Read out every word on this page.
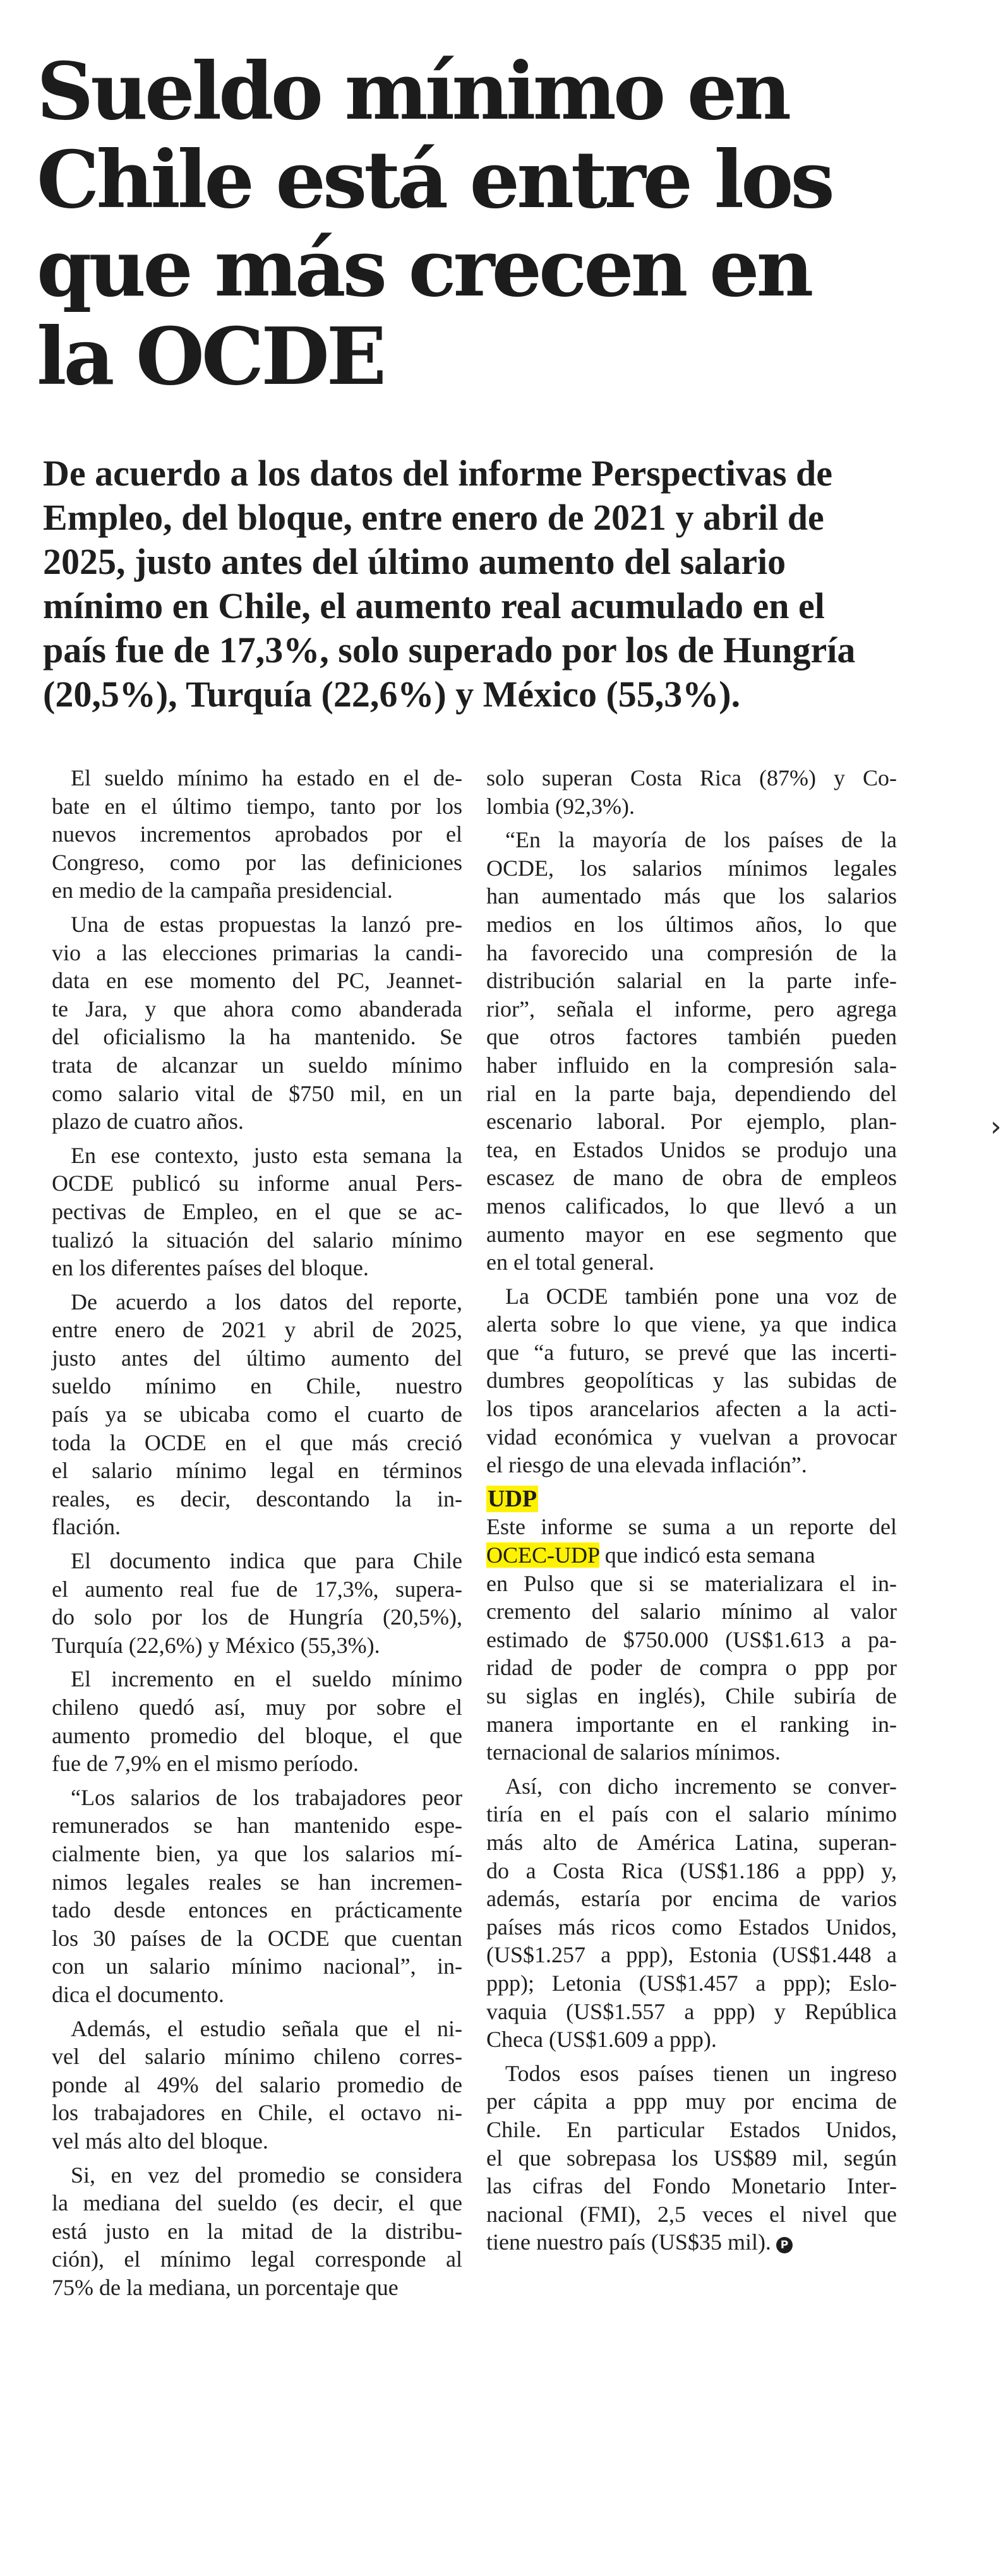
Sueldo mínimo en
Chile está entre los
que más crecen en
la OCDE

De acuerdo a los datos del informe Perspectivas de
Empleo, del bloque, entre enero de 2021 y abril de
2025, justo antes del último aumento del salario
mínimo en Chile, el aumento real acumulado en el
país fue de 17,3%, solo superado por los de Hungría
(20,5%), Turquía (22,6%) y México (55,3%).

El sueldo mínimo ha estado en el de-
bate en el último tiempo, tanto por los
nuevos incrementos aprobados por el
Congreso, como por las definiciones
en medio de la campaña presidencial.
Una de estas propuestas la lanzó pre-
vio a las elecciones primarias la candi-
data en ese momento del PC, Jeannet-
te Jara, y que ahora como abanderada
del oficialismo la ha mantenido. Se
trata de alcanzar un sueldo mínimo
como salario vital de $750 mil, en un
plazo de cuatro años.
En ese contexto, justo esta semana la
OCDE publicó su informe anual Pers-
pectivas de Empleo, en el que se ac-
tualizó la situación del salario mínimo
en los diferentes países del bloque.
De acuerdo a los datos del reporte,
entre enero de 2021 y abril de 2025,
justo antes del último aumento del
sueldo mínimo en Chile, nuestro
país ya se ubicaba como el cuarto de
toda la OCDE en el que más creció
el salario mínimo legal en términos
reales, es decir, descontando la in-
flación.
El documento indica que para Chile
el aumento real fue de 17,3%, supera-
do solo por los de Hungría (20,5%),
Turquía (22,6%) y México (55,3%).
El incremento en el sueldo mínimo
chileno quedó así, muy por sobre el
aumento promedio del bloque, el que
fue de 7,9% en el mismo período.
“Los salarios de los trabajadores peor
remunerados se han mantenido espe-
cialmente bien, ya que los salarios mí-
nimos legales reales se han incremen-
tado desde entonces en prácticamente
los 30 países de la OCDE que cuentan
con un salario mínimo nacional”, in-
dica el documento.
Además, el estudio señala que el ni-
vel del salario mínimo chileno corres-
ponde al 49% del salario promedio de
los trabajadores en Chile, el octavo ni-
vel más alto del bloque.
Si, en vez del promedio se considera
la mediana del sueldo (es decir, el que
está justo en la mitad de la distribu-
ción), el mínimo legal corresponde al
75% de la mediana, un porcentaje que
solo superan Costa Rica (87%) y Co-
lombia (92,3%).
“En la mayoría de los países de la
OCDE, los salarios mínimos legales
han aumentado más que los salarios
medios en los últimos años, lo que
ha favorecido una compresión de la
distribución salarial en la parte infe-
rior”, señala el informe, pero agrega
que otros factores también pueden
haber influido en la compresión sala-
rial en la parte baja, dependiendo del
escenario laboral. Por ejemplo, plan-
tea, en Estados Unidos se produjo una
escasez de mano de obra de empleos
menos calificados, lo que llevó a un
aumento mayor en ese segmento que
en el total general.
La OCDE también pone una voz de
alerta sobre lo que viene, ya que indica
que “a futuro, se prevé que las incerti-
dumbres geopolíticas y las subidas de
los tipos arancelarios afecten a la acti-
vidad económica y vuelvan a provocar
el riesgo de una elevada inflación”.
UDP
Este informe se suma a un reporte del
OCEC-UDP que indicó esta semana
en Pulso que si se materializara el in-
cremento del salario mínimo al valor
estimado de $750.000 (US$1.613 a pa-
ridad de poder de compra o ppp por
su siglas en inglés), Chile subiría de
manera importante en el ranking in-
ternacional de salarios mínimos.
Así, con dicho incremento se conver-
tiría en el país con el salario mínimo
más alto de América Latina, superan-
do a Costa Rica (US$1.186 a ppp) y,
además, estaría por encima de varios
países más ricos como Estados Unidos,
(US$1.257 a ppp), Estonia (US$1.448 a
ppp); Letonia (US$1.457 a ppp); Eslo-
vaquia (US$1.557 a ppp) y República
Checa (US$1.609 a ppp).
Todos esos países tienen un ingreso
per cápita a ppp muy por encima de
Chile. En particular Estados Unidos,
el que sobrepasa los US$89 mil, según
las cifras del Fondo Monetario Inter-
nacional (FMI), 2,5 veces el nivel que
tiene nuestro país (US$35 mil). P
›
